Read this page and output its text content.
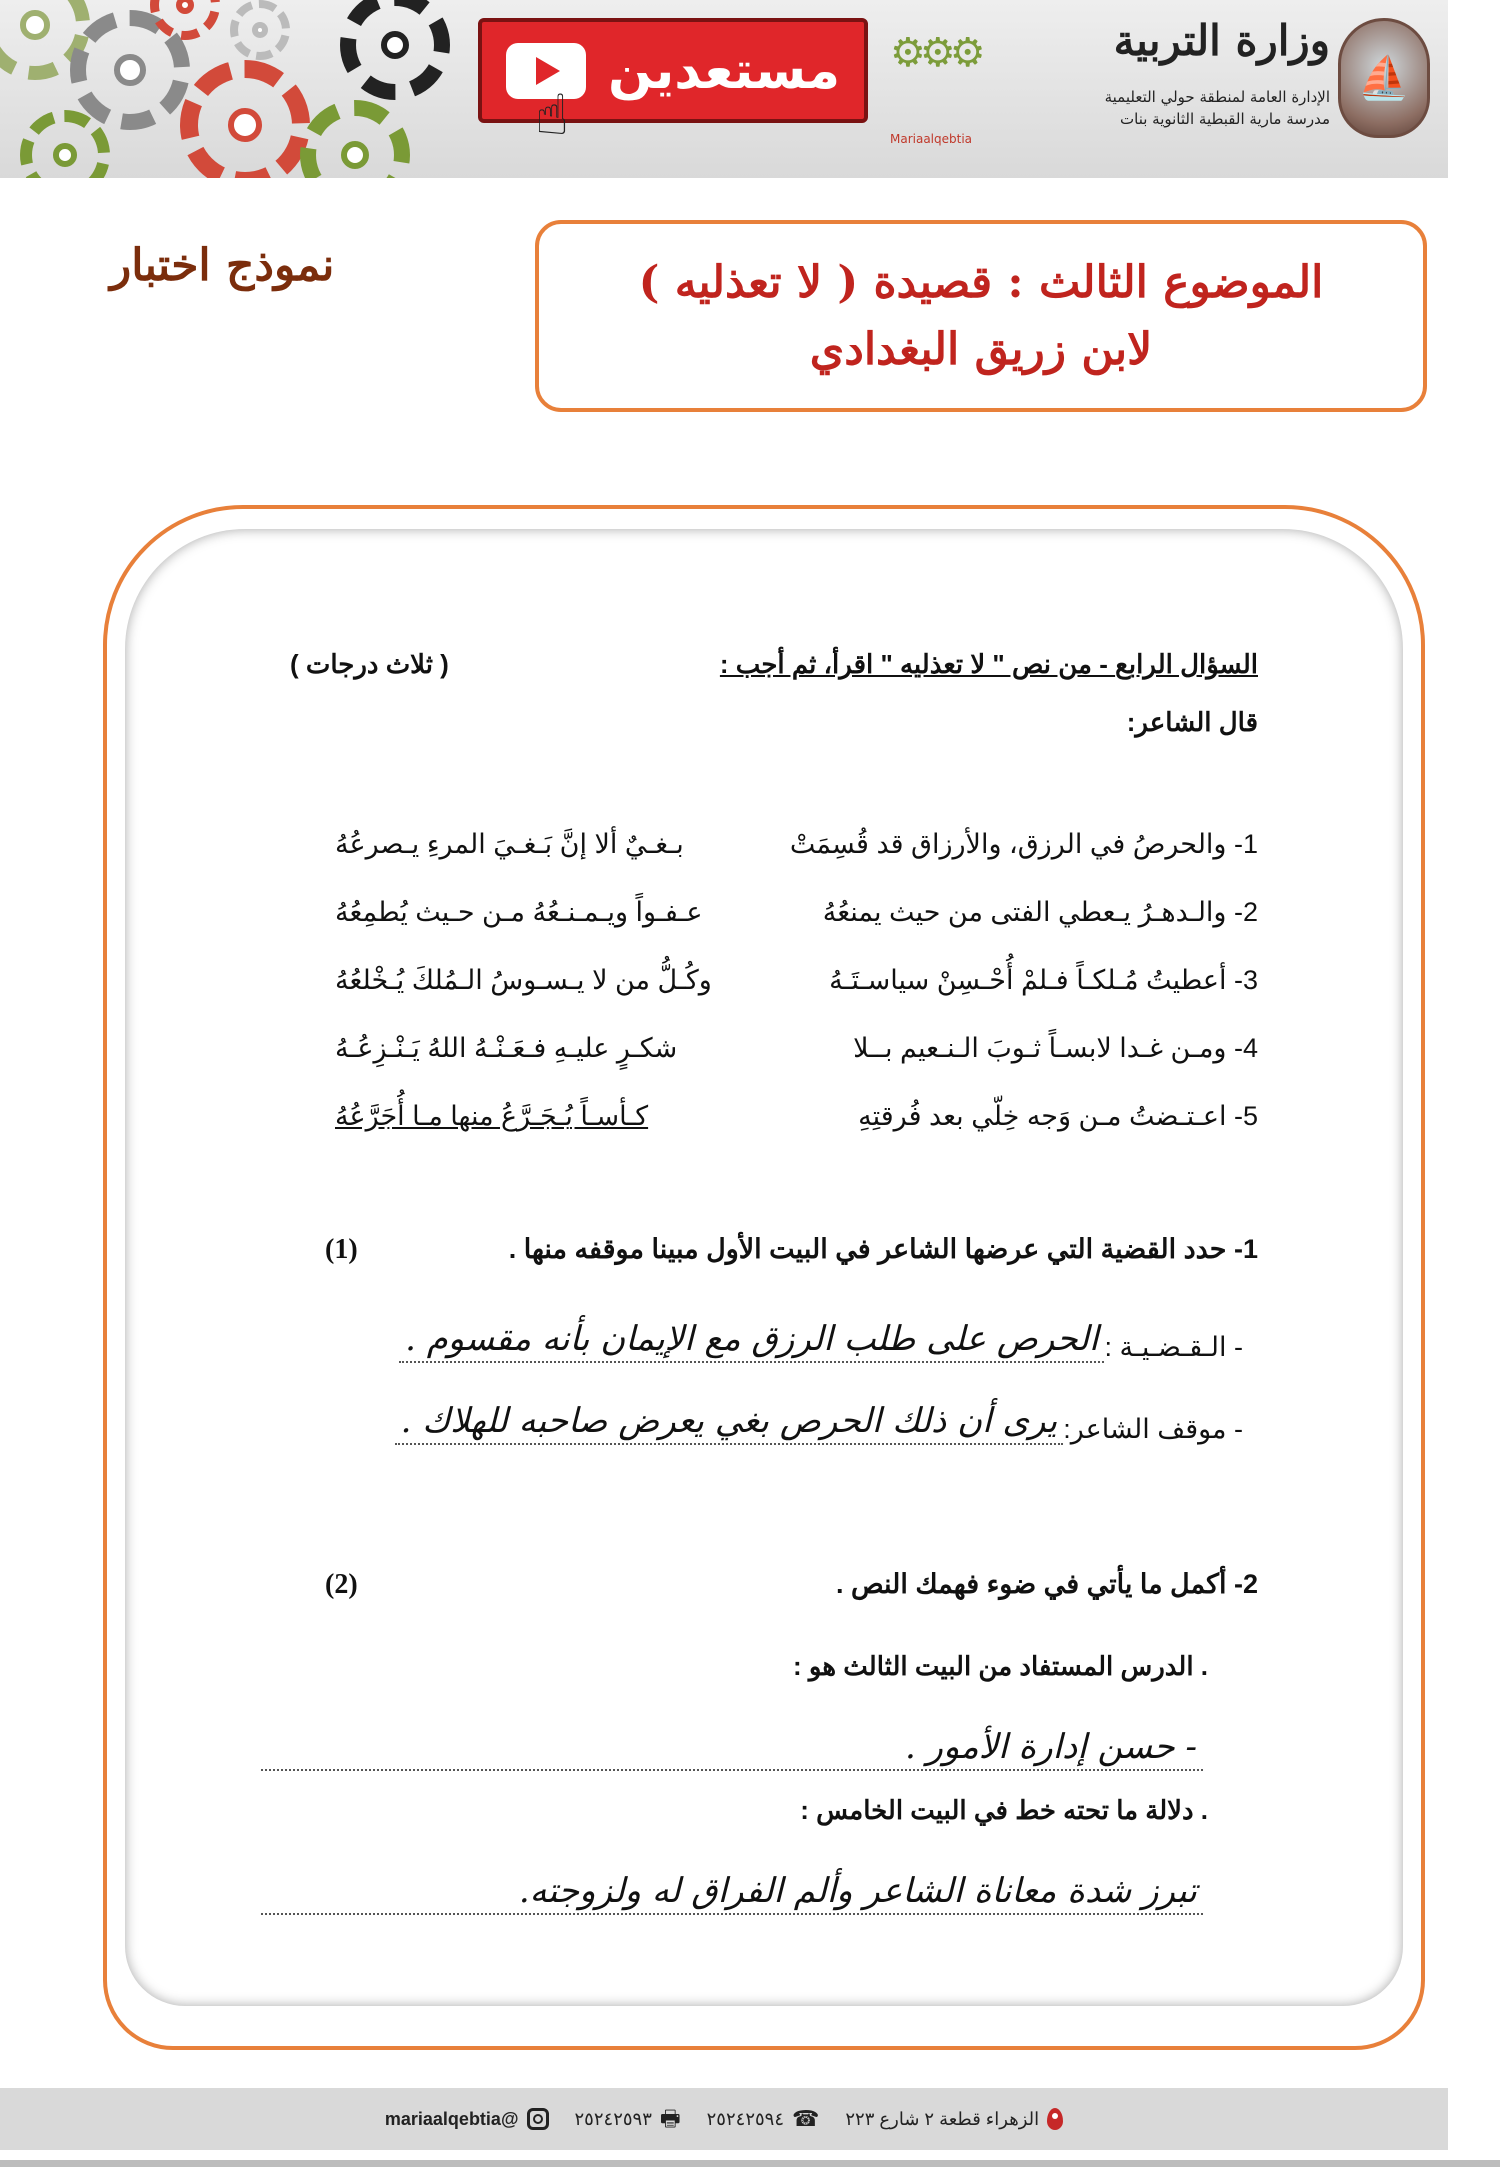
مستعدين
☝
⚙⚙⚙	وزارة التربية
الإدارة العامة لمنطقة حولي التعليمية
مدرسة مارية القبطية الثانوية بنات
Mariaalqebtia
⛵
الموضوع الثالث : قصيدة ( لا تعذليه )
لابن زريق البغدادي
نموذج اختبار
السؤال الرابع - من نص " لا تعذليه " اقرأ، ثم أجب :
( ثلاث درجات )
قال الشاعر:
1- والحرصُ في الرزق، والأرزاق قد قُسِمَتْ
بـغـيٌ ألا إنَّ بَـغـيَ المرءِ يـصرعُهُ
2- والـدهـرُ يـعطي الفتى من حيث يمنعُهُ
عـفـواً ويـمـنـعُهُ مـن حـيث يُطمِعُهُ
3- أعطيتُ مُـلكـاً فـلمْ أُحْـسِنْ سياسـتَـهُ
وكُـلُّ من لا يـسـوسُ الـمُلكَ يُـخْلعُهُ
4- ومـن غـدا لابسـاً ثـوبَ الـنـعيم بــلا
شكـرٍ عليـهِ فـعَـنْـهُ اللهُ يَـنْـزِعُـهُ
5- اعـتـضتُ مـن وَجه خِلّي بعد فُرقتِهِ
كـأسـاً يُـجَـرَّعُ منها مـا أُجَرَّعُهُ
1- حدد القضية التي عرضها الشاعر في البيت الأول مبينا موقفه منها .
(1)
- الـقـضـيـة :
الحرص على طلب الرزق مع الإيمان بأنه مقسوم .
- موقف الشاعر:
يرى أن ذلك الحرص بغي يعرض صاحبه للهلاك .
2- أكمل ما يأتي في ضوء فهمك النص .
(2)
. الدرس المستفاد من البيت الثالث هو :
- حسن إدارة الأمور .
. دلالة ما تحته خط في البيت الخامس :
تبرز شدة معاناة الشاعر وألم الفراق له ولزوجته.
الزهراء قطعة ٢ شارع ٢٢٣
☎
٢٥٢٤٢٥٩٤
🖶
٢٥٢٤٢٥٩٣
@mariaalqebtia
